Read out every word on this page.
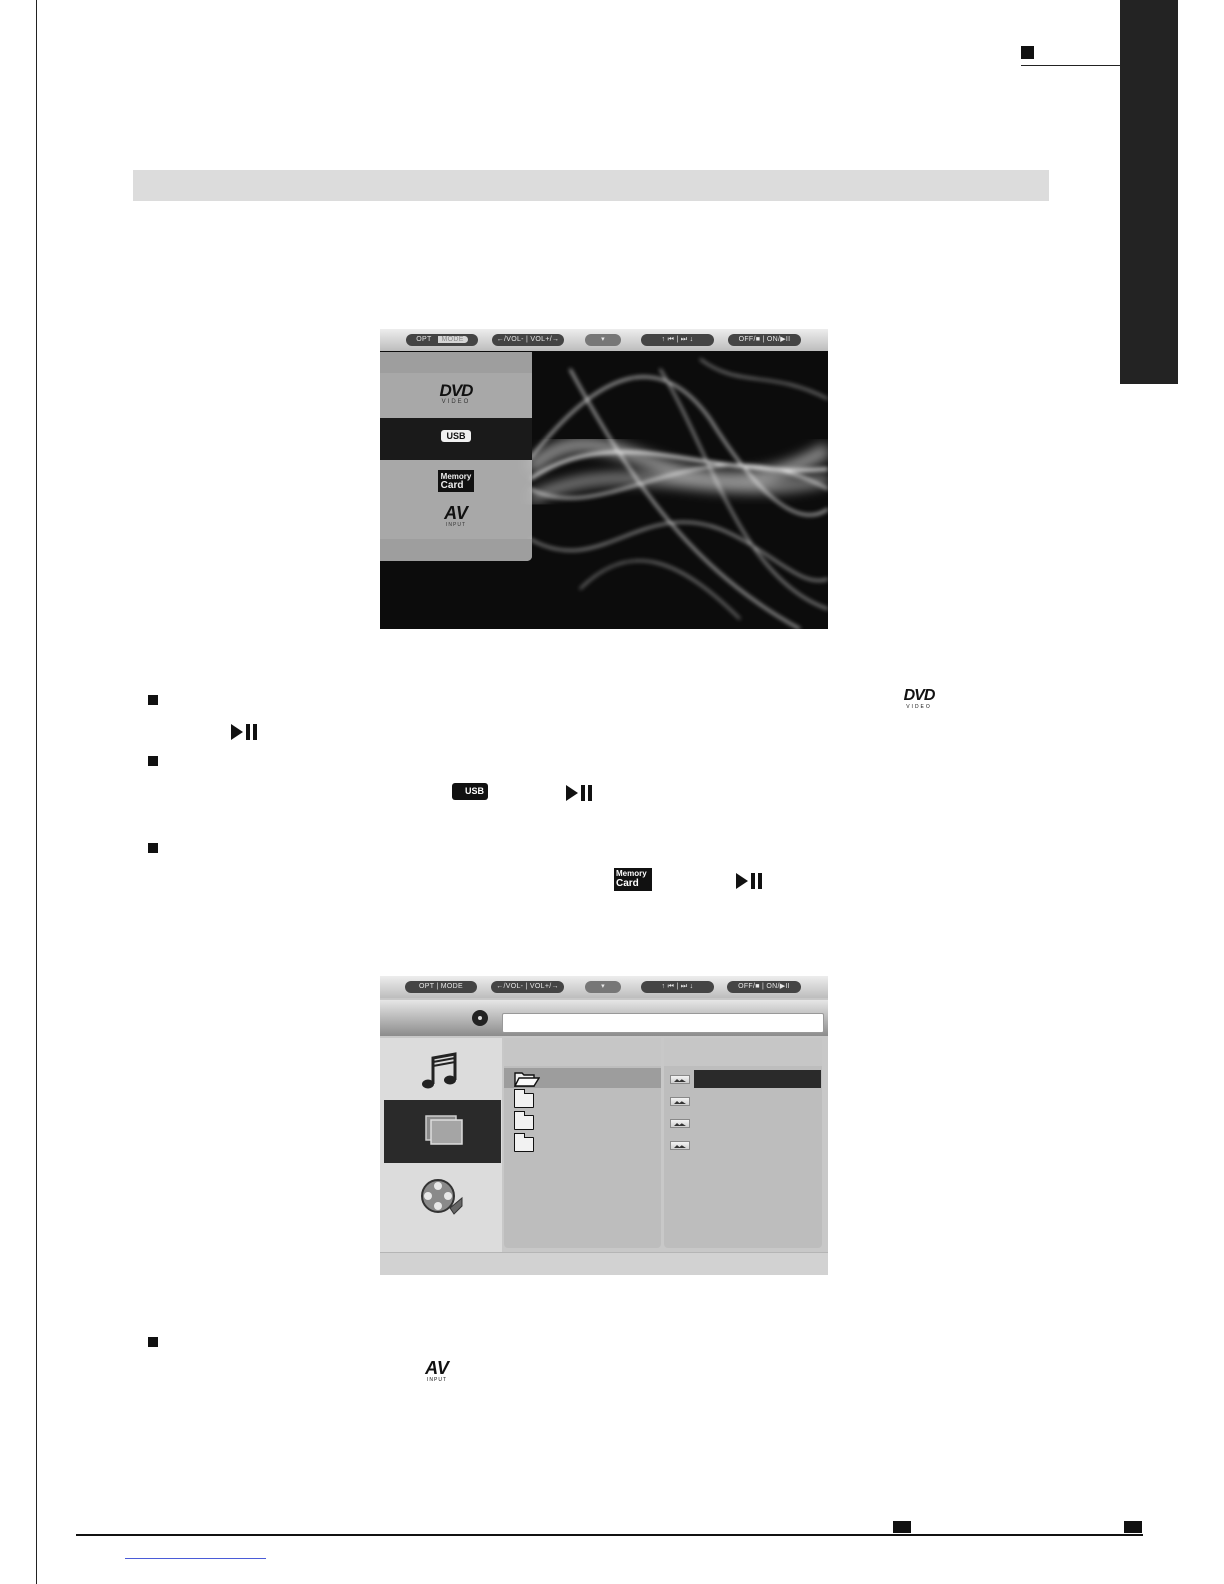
OPT MODE	←/VOL- | VOL+/→	▾	↑ ⏮ | ⏭ ↓	OFF/■ | ON/▶II
DVD
VIDEO
USB
Memory
Card
AV
INPUT
DVD
VIDEO
USB
Memory
Card
OPT | MODE	←/VOL- | VOL+/→	▾	↑ ⏮ | ⏭ ↓	OFF/■ | ON/▶II
AV
INPUT
